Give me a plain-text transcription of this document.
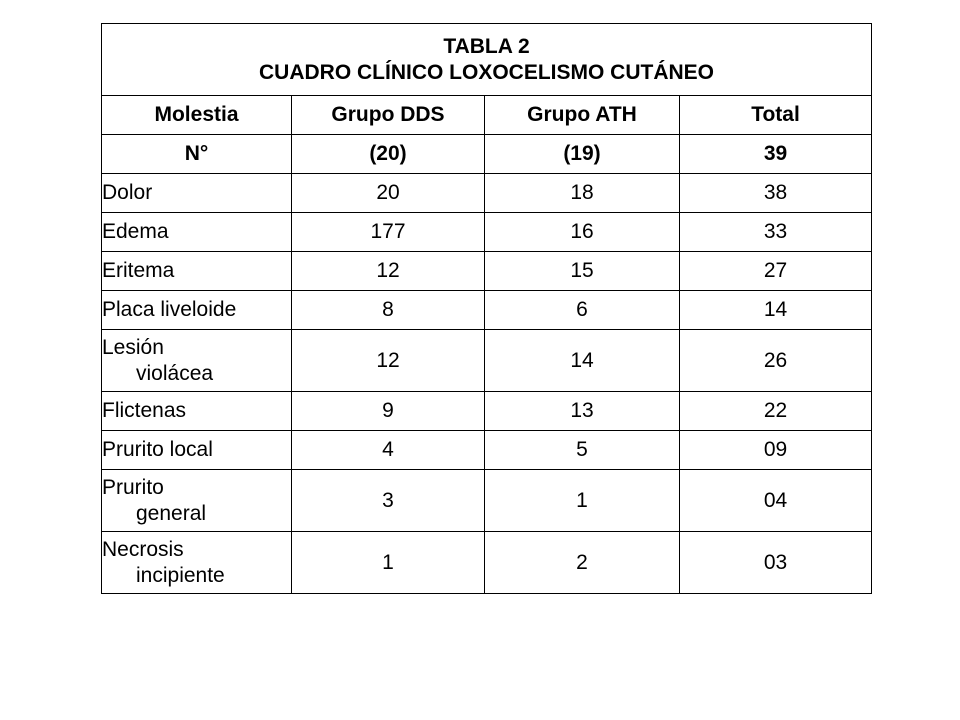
TABLA 2
CUADRO CLÍNICO LOXOCELISMO CUTÁNEO			

Molestia	Grupo DDS	Grupo ATH	Total
N°	(20)	(19)	39

Dolor	20	18	38

Edema	177	16	33

Eritema	12	15	27

Placa liveloide	8	6	14

Lesión
violácea	12	14	26

Flictenas	9	13	22

Prurito local	4	5	09

Prurito
general	3	1	04

Necrosis
incipiente	1	2	03
